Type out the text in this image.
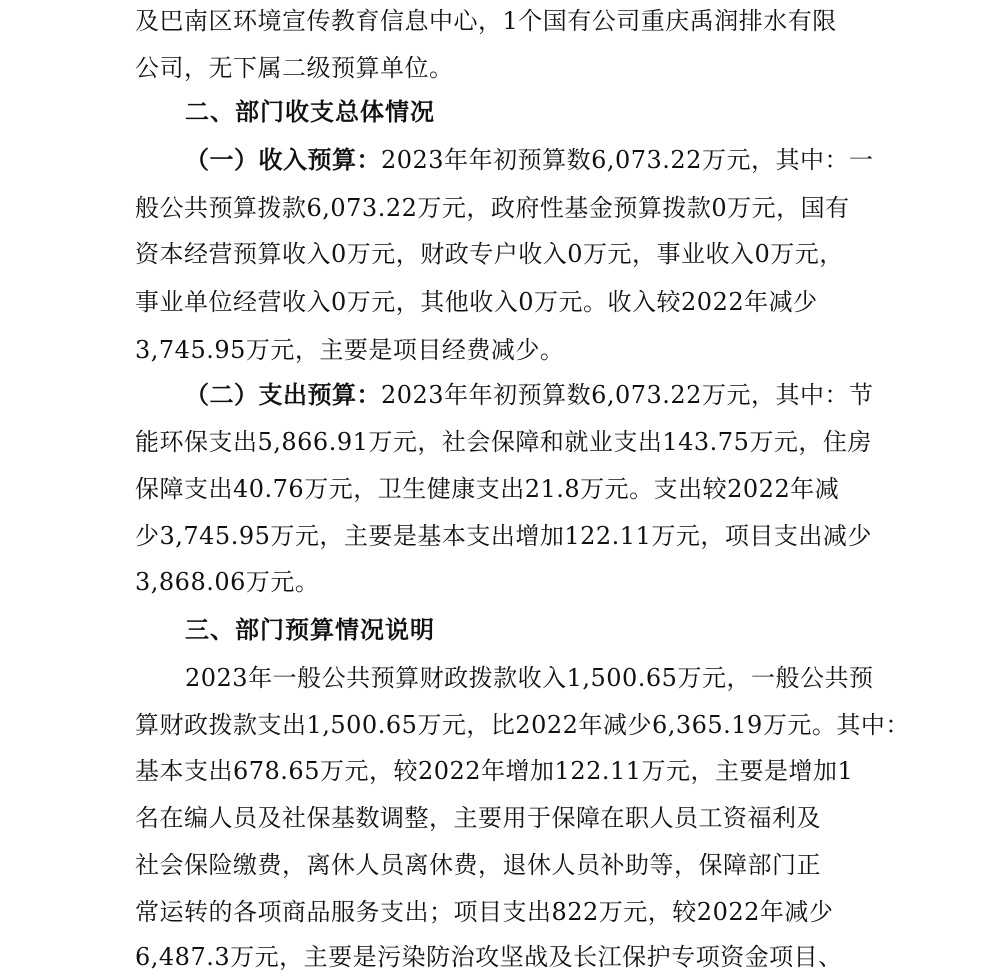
及巴南区环境宣传教育信息中心，1个国有公司重庆禹润排水有限
公司，无下属二级预算单位。
二、部门收支总体情况
（一）收入预算：2023年年初预算数6,073.22万元，其中：一
般公共预算拨款6,073.22万元，政府性基金预算拨款0万元，国有
资本经营预算收入0万元，财政专户收入0万元，事业收入0万元，
事业单位经营收入0万元，其他收入0万元。收入较2022年减少
3,745.95万元，主要是项目经费减少。
（二）支出预算：2023年年初预算数6,073.22万元，其中：节
能环保支出5,866.91万元，社会保障和就业支出143.75万元，住房
保障支出40.76万元，卫生健康支出21.8万元。支出较2022年减
少3,745.95万元，主要是基本支出增加122.11万元，项目支出减少
3,868.06万元。
三、部门预算情况说明
2023年一般公共预算财政拨款收入1,500.65万元，一般公共预
算财政拨款支出1,500.65万元，比2022年减少6,365.19万元。其中：
基本支出678.65万元，较2022年增加122.11万元，主要是增加1
名在编人员及社保基数调整，主要用于保障在职人员工资福利及
社会保险缴费，离休人员离休费，退休人员补助等，保障部门正
常运转的各项商品服务支出；项目支出822万元，较2022年减少
6,487.3万元，主要是污染防治攻坚战及长江保护专项资金项目、
